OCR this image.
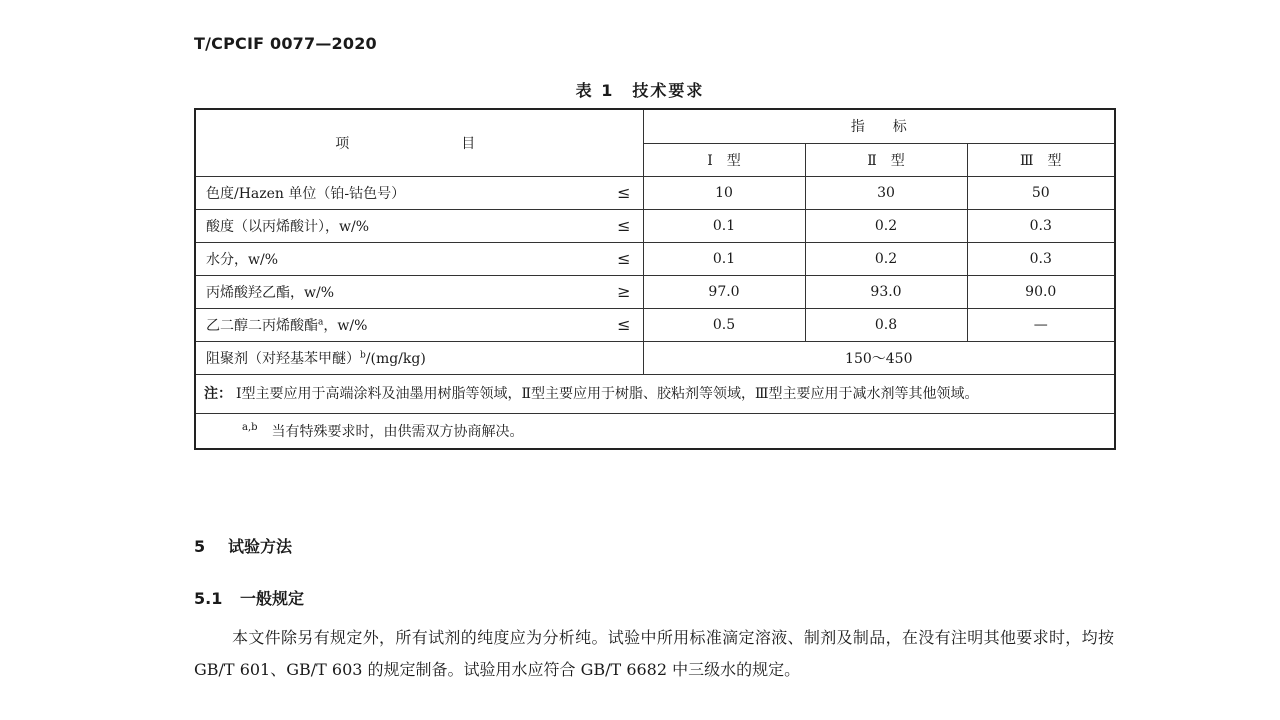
T/CPCIF 0077—2020
表 1　技术要求
项　　目	指　　标		
	Ⅰ　型	Ⅱ　型	Ⅲ　型
色度/Hazen 单位（铂-钴色号） ≤	10	30	50
酸度（以丙烯酸计），w/% ≤	0.1	0.2	0.3
水分，w/% ≤	0.1	0.2	0.3
丙烯酸羟乙酯，w/% ≥	97.0	93.0	90.0
乙二醇二丙烯酸酯$^a$，w/% ≤	0.5	0.8	—
阻聚剂（对羟基苯甲醚）$^b$/(mg/kg)	150～450		
注： Ⅰ型主要应用于高端涂料及油墨用树脂等领域，Ⅱ型主要应用于树脂、胶粘剂等领域，Ⅲ型主要应用于减水剂等其他领域。			
$^{a,b}$ 当有特殊要求时，由供需双方协商解决。			
5 试验方法
5.1 一般规定
本文件除另有规定外，所有试剂的纯度应为分析纯。试验中所用标准滴定溶液、制剂及制品，在没有注明其他要求时，均按 GB/T 601、GB/T 603 的规定制备。试验用水应符合 GB/T 6682 中三级水的规定。
